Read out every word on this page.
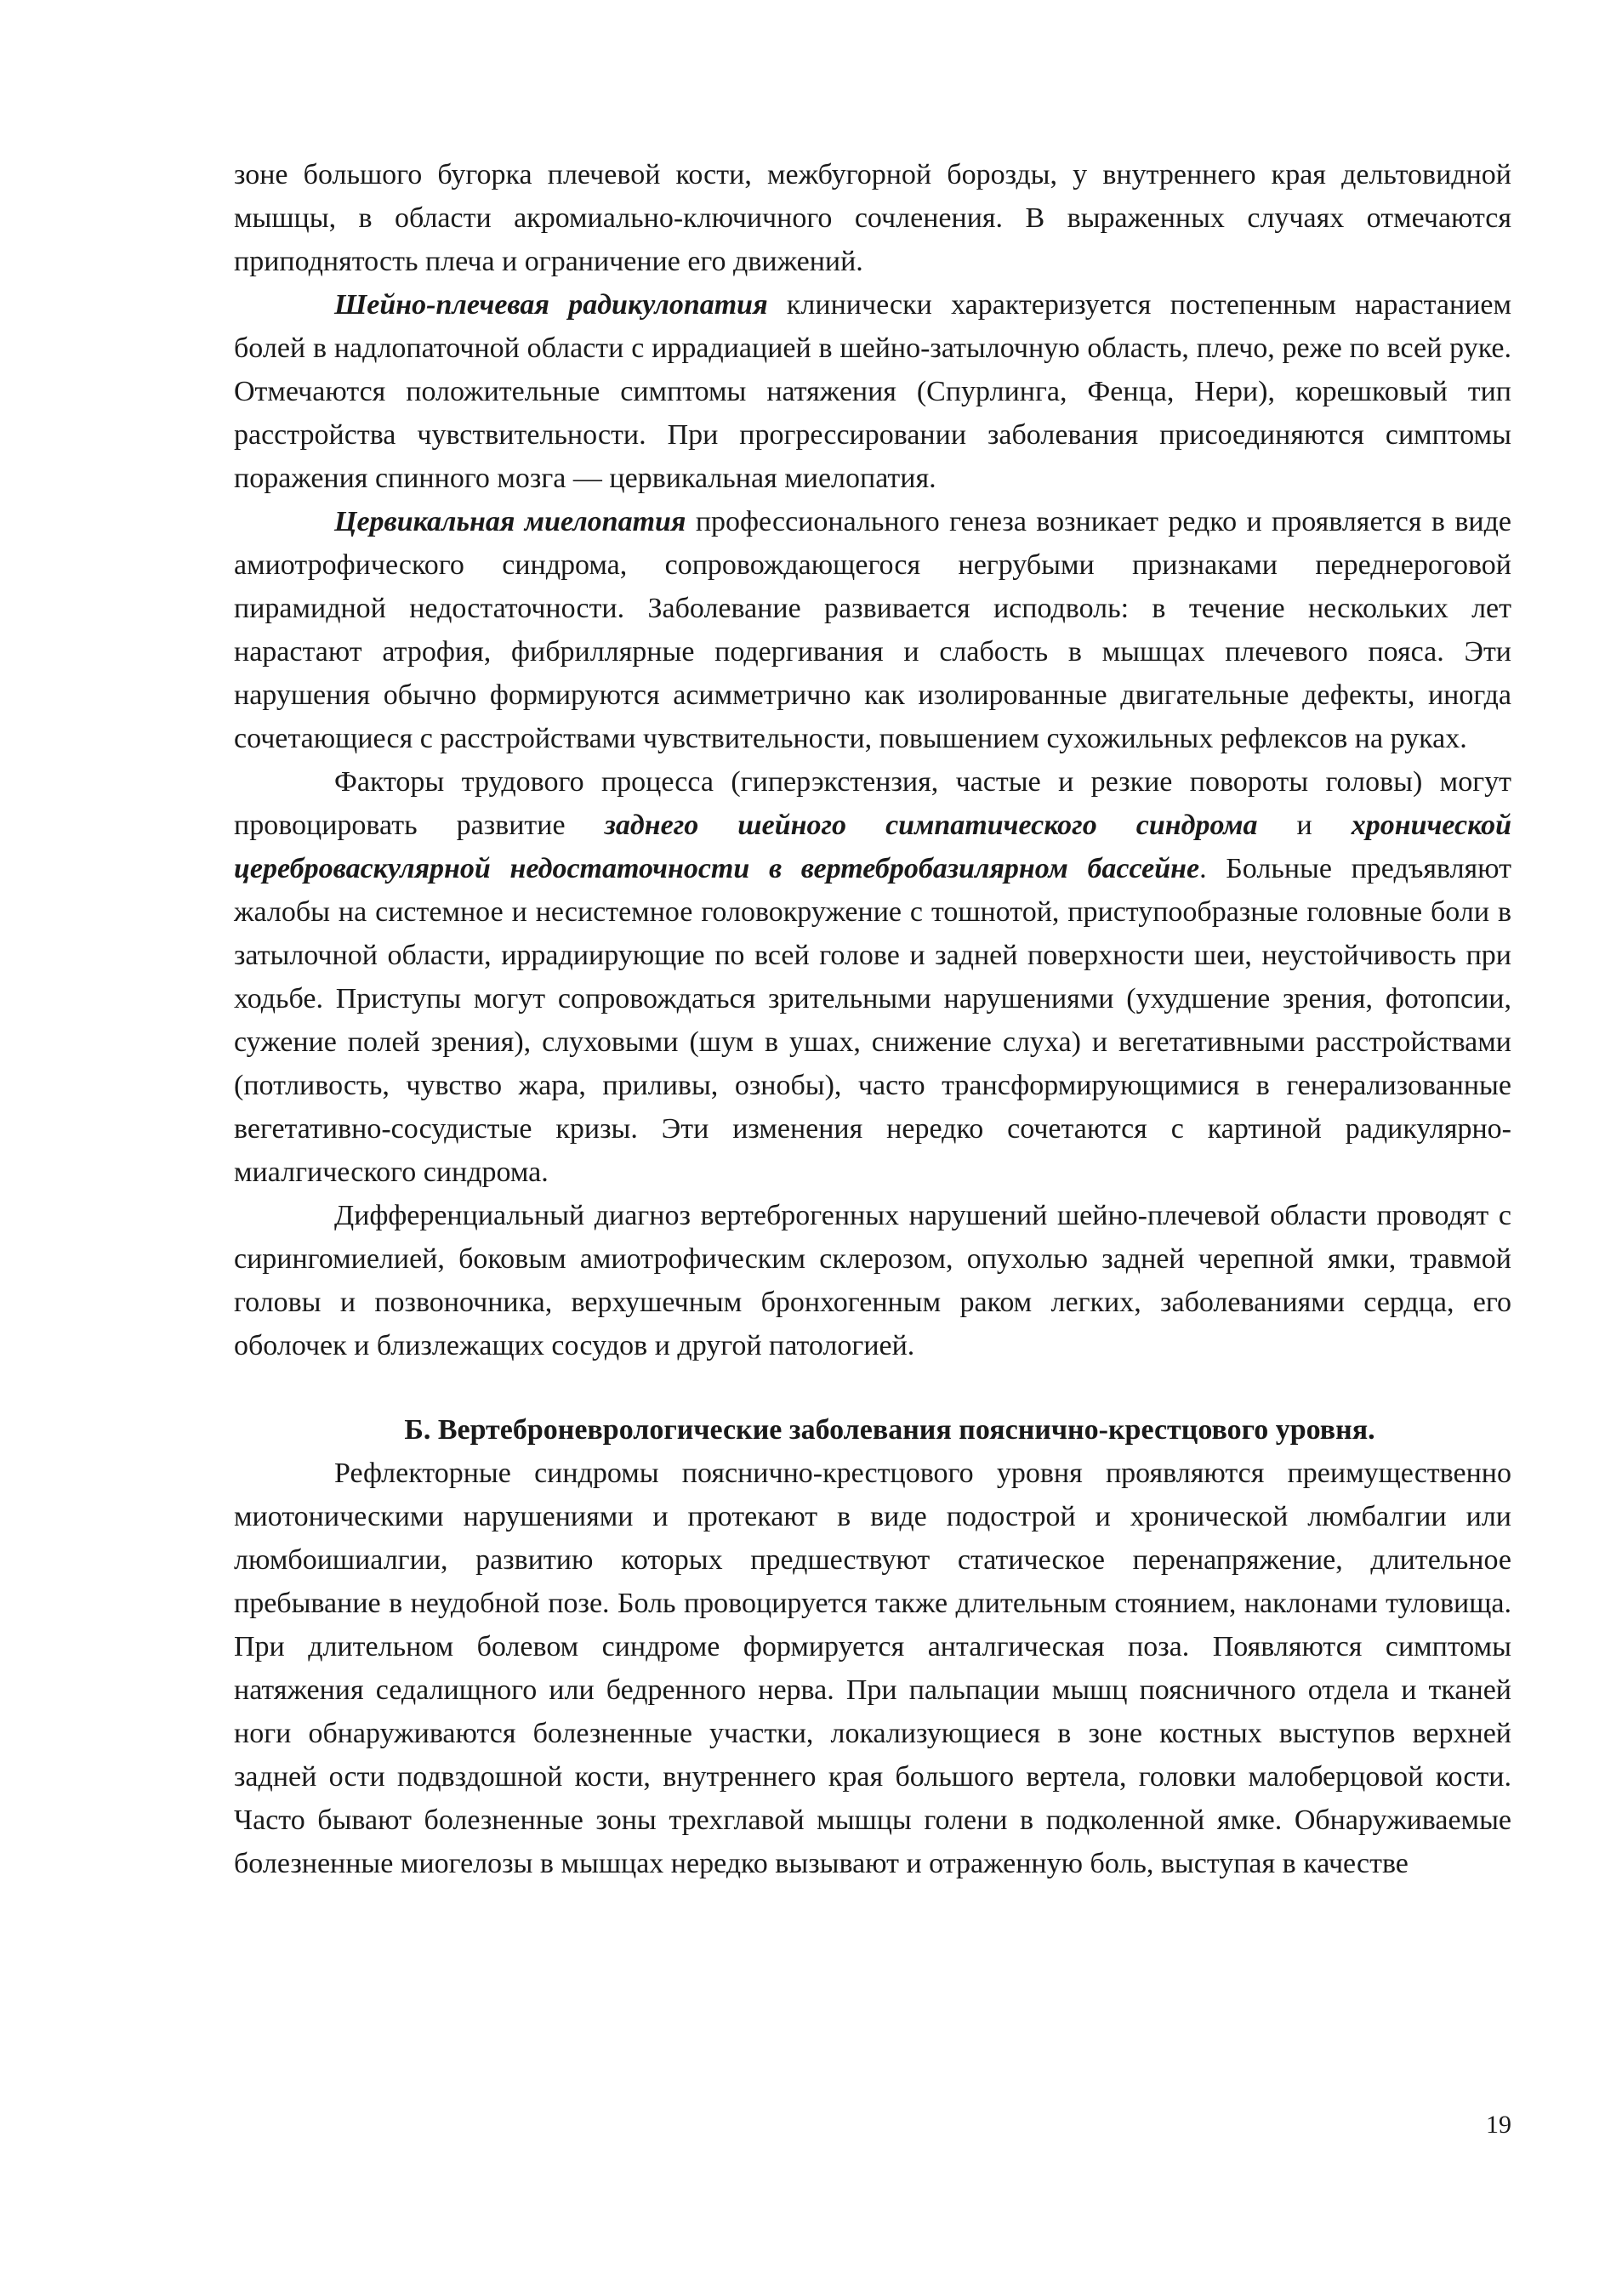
зоне большого бугорка плечевой кости, межбугорной борозды, у внутреннего края дельтовидной мышцы, в области акромиально-ключичного сочленения. В выраженных случаях отмечаются приподнятость плеча и ограничение его движений.

Шейно-плечевая радикулопатия клинически характеризуется постепенным нарастанием болей в надлопаточной области с иррадиацией в шейно-затылочную область, плечо, реже по всей руке. Отмечаются положительные симптомы натяжения (Спурлинга, Фенца, Нери), корешковый тип расстройства чувствительности. При прогрессировании заболевания присоединяются симптомы поражения спинного мозга — цервикальная миелопатия.

Цервикальная миелопатия профессионального генеза возникает редко и проявляется в виде амиотрофического синдрома, сопровождающегося негрубыми признаками переднероговой пирамидной недостаточности. Заболевание развивается исподволь: в течение нескольких лет нарастают атрофия, фибриллярные подергивания и слабость в мышцах плечевого пояса. Эти нарушения обычно формируются асимметрично как изолированные двигательные дефекты, иногда сочетающиеся с расстройствами чувствительности, повышением сухожильных рефлексов на руках.

Факторы трудового процесса (гиперэкстензия, частые и резкие повороты головы) могут провоцировать развитие заднего шейного симпатического синдрома и хронической цереброваскулярной недостаточности в вертебробазилярном бассейне. Больные предъявляют жалобы на системное и несистемное головокружение с тошнотой, приступообразные головные боли в затылочной области, иррадиирующие по всей голове и задней поверхности шеи, неустойчивость при ходьбе. Приступы могут сопровождаться зрительными нарушениями (ухудшение зрения, фотопсии, сужение полей зрения), слуховыми (шум в ушах, снижение слуха) и вегетативными расстройствами (потливость, чувство жара, приливы, ознобы), часто трансформирующимися в генерализованные вегетативно-сосудистые кризы. Эти изменения нередко сочетаются с картиной радикулярно-миалгического синдрома.

Дифференциальный диагноз вертеброгенных нарушений шейно-плечевой области проводят с сирингомиелией, боковым амиотрофическим склерозом, опухолью задней черепной ямки, травмой головы и позвоночника, верхушечным бронхогенным раком легких, заболеваниями сердца, его оболочек и близлежащих сосудов и другой патологией.

Б. Вертеброневрологические заболевания пояснично-крестцового уровня.

Рефлекторные синдромы пояснично-крестцового уровня проявляются преимущественно миотоническими нарушениями и протекают в виде подострой и хронической люмбалгии или люмбоишиалгии, развитию которых предшествуют статическое перенапряжение, длительное пребывание в неудобной позе. Боль провоцируется также длительным стоянием, наклонами туловища. При длительном болевом синдроме формируется анталгическая поза. Появляются симптомы натяжения седалищного или бедренного нерва. При пальпации мышц поясничного отдела и тканей ноги обнаруживаются болезненные участки, локализующиеся в зоне костных выступов верхней задней ости подвздошной кости, внутреннего края большого вертела, головки малоберцовой кости. Часто бывают болезненные зоны трехглавой мышцы голени в подколенной ямке. Обнаруживаемые болезненные миогелозы в мышцах нередко вызывают и отраженную боль, выступая в качестве

19
